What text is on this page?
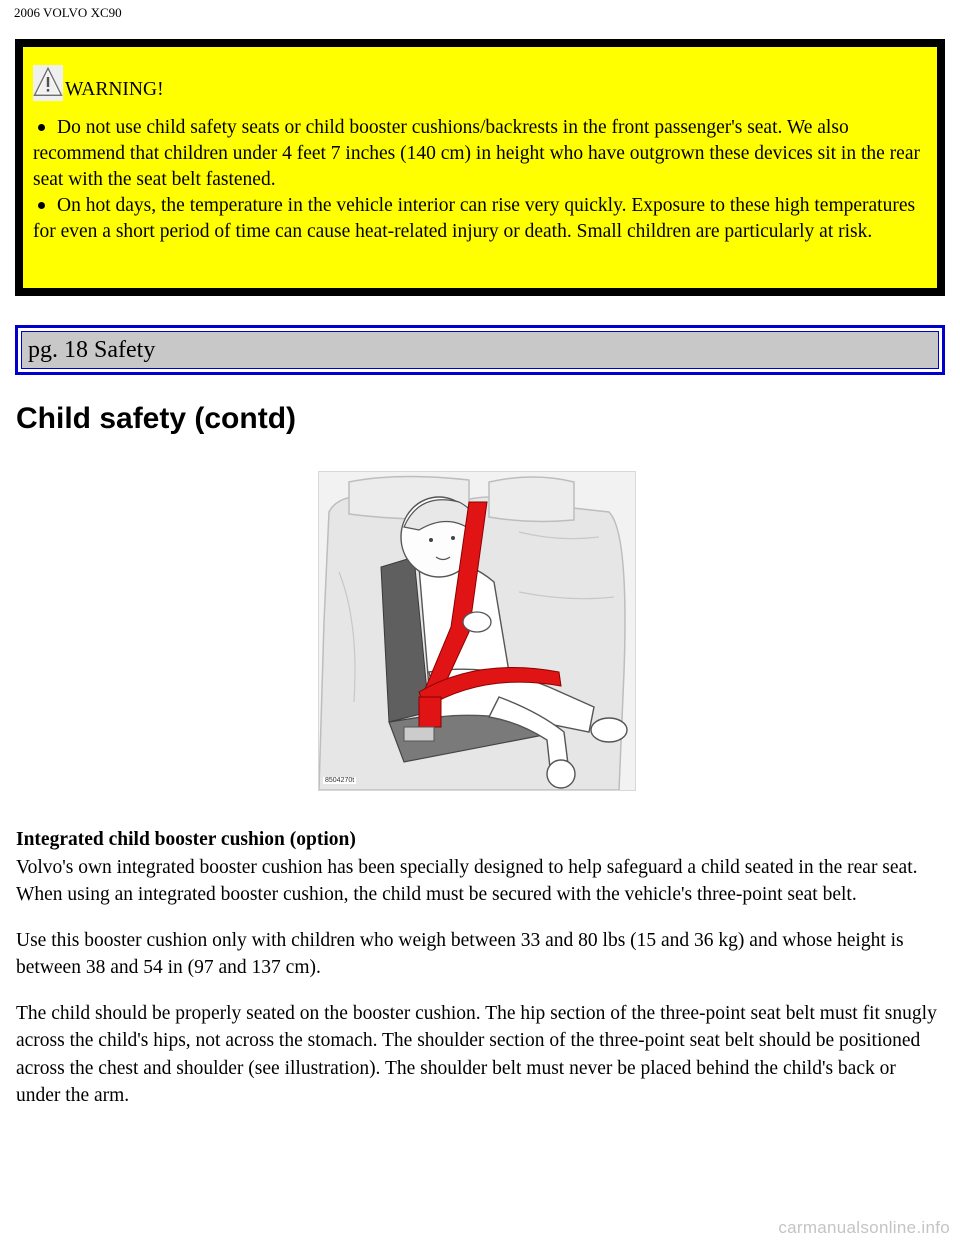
2006 VOLVO XC90
WARNING!

Do not use child safety seats or child booster cushions/backrests in the front passenger's seat. We also recommend that children under 4 feet 7 inches (140 cm) in height who have outgrown these devices sit in the rear seat with the seat belt fastened.

On hot days, the temperature in the vehicle interior can rise very quickly. Exposure to these high temperatures for even a short period of time can cause heat-related injury or death. Small children are particularly at risk.

pg. 18 Safety
Child safety (contd)
8504270t

Integrated child booster cushion (option)
Volvo's own integrated booster cushion has been specially designed to help safeguard a child seated in the rear seat. When using an integrated booster cushion, the child must be secured with the vehicle's three-point seat belt.

Use this booster cushion only with children who weigh between 33 and 80 lbs (15 and 36 kg) and whose height is between 38 and 54 in (97 and 137 cm).

The child should be properly seated on the booster cushion. The hip section of the three-point seat belt must fit snugly across the child's hips, not across the stomach. The shoulder section of the three-point seat belt should be positioned across the chest and shoulder (see illustration). The shoulder belt must never be placed behind the child's back or under the arm.

carmanualsonline.info
